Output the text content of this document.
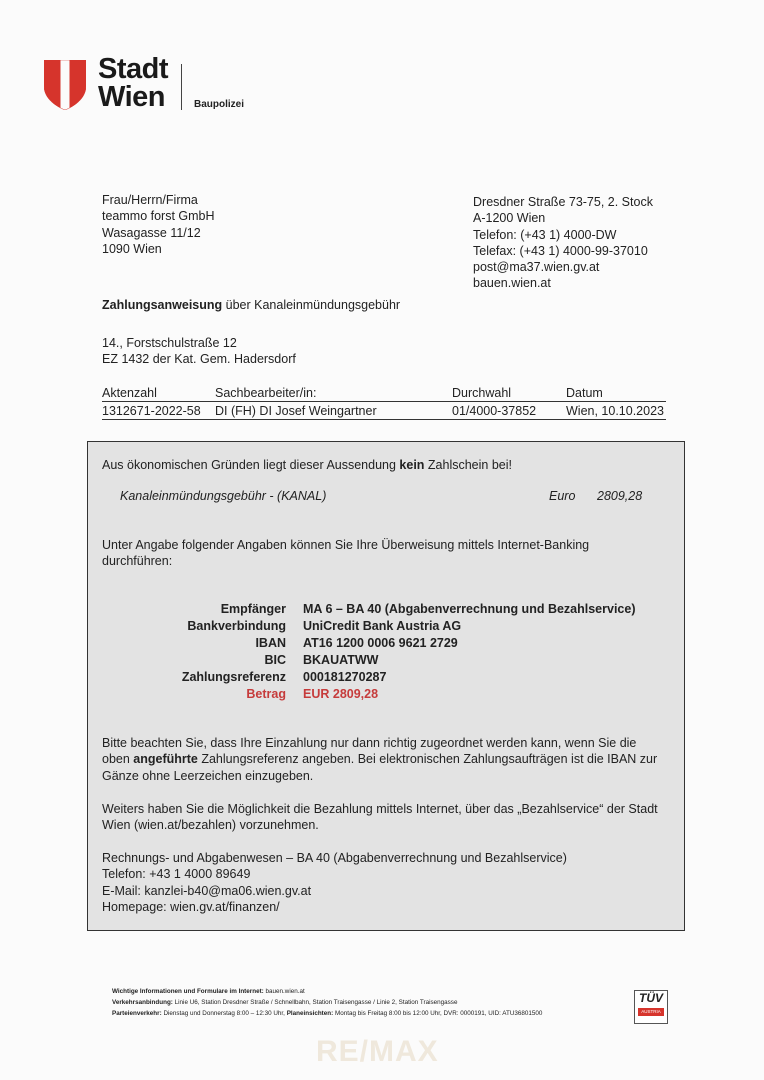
Stadt
Wien	Baupolizei
Frau/Herrn/Firma
teammo forst GmbH
Wasagasse 11/12
1090 Wien
Dresdner Straße 73-75, 2. Stock
A-1200 Wien
Telefon: (+43 1) 4000-DW
Telefax: (+43 1) 4000-99-37010
post@ma37.wien.gv.at
bauen.wien.at
Zahlungsanweisung über Kanaleinmündungsgebühr
14., Forstschulstraße 12
EZ 1432 der Kat. Gem. Hadersdorf
Aktenzahl	Sachbearbeiter/in:	Durchwahl	Datum
1312671-2022-58 DI (FH) DI Josef Weingartner	01/4000-37852 Wien, 10.10.2023
Aus ökonomischen Gründen liegt dieser Aussendung kein Zahlschein bei!
Kanaleinmündungsgebühr - (KANAL)	Euro 2809,28
Unter Angabe folgender Angaben können Sie Ihre Überweisung mittels Internet-Banking durchführen:
Empfänger MA 6 – BA 40 (Abgabenverrechnung und Bezahlservice)
Bankverbindung UniCredit Bank Austria AG
IBAN AT16 1200 0006 9621 2729
BIC BKAUATWW
Zahlungsreferenz 000181270287
Betrag EUR 2809,28
Bitte beachten Sie, dass Ihre Einzahlung nur dann richtig zugeordnet werden kann, wenn Sie die
oben angeführte Zahlungsreferenz angeben. Bei elektronischen Zahlungsaufträgen ist die IBAN zur
Gänze ohne Leerzeichen einzugeben.
Weiters haben Sie die Möglichkeit die Bezahlung mittels Internet, über das „Bezahlservice“ der Stadt
Wien (wien.at/bezahlen) vorzunehmen.
Rechnungs- und Abgabenwesen – BA 40 (Abgabenverrechnung und Bezahlservice)
Telefon: +43 1 4000 89649
E-Mail: kanzlei-b40@ma06.wien.gv.at
Homepage: wien.gv.at/finanzen/
Wichtige Informationen und Formulare im Internet: bauen.wien.at
Verkehrsanbindung: Linie U6, Station Dresdner Straße / Schnellbahn, Station Traisengasse / Linie 2, Station Traisengasse
Parteienverkehr: Dienstag und Donnerstag 8:00 – 12:30 Uhr, Planeinsichten: Montag bis Freitag 8:00 bis 12:00 Uhr, DVR: 0000191, UID: ATU36801500
TÜV
AUSTRIA
RE/MAX
